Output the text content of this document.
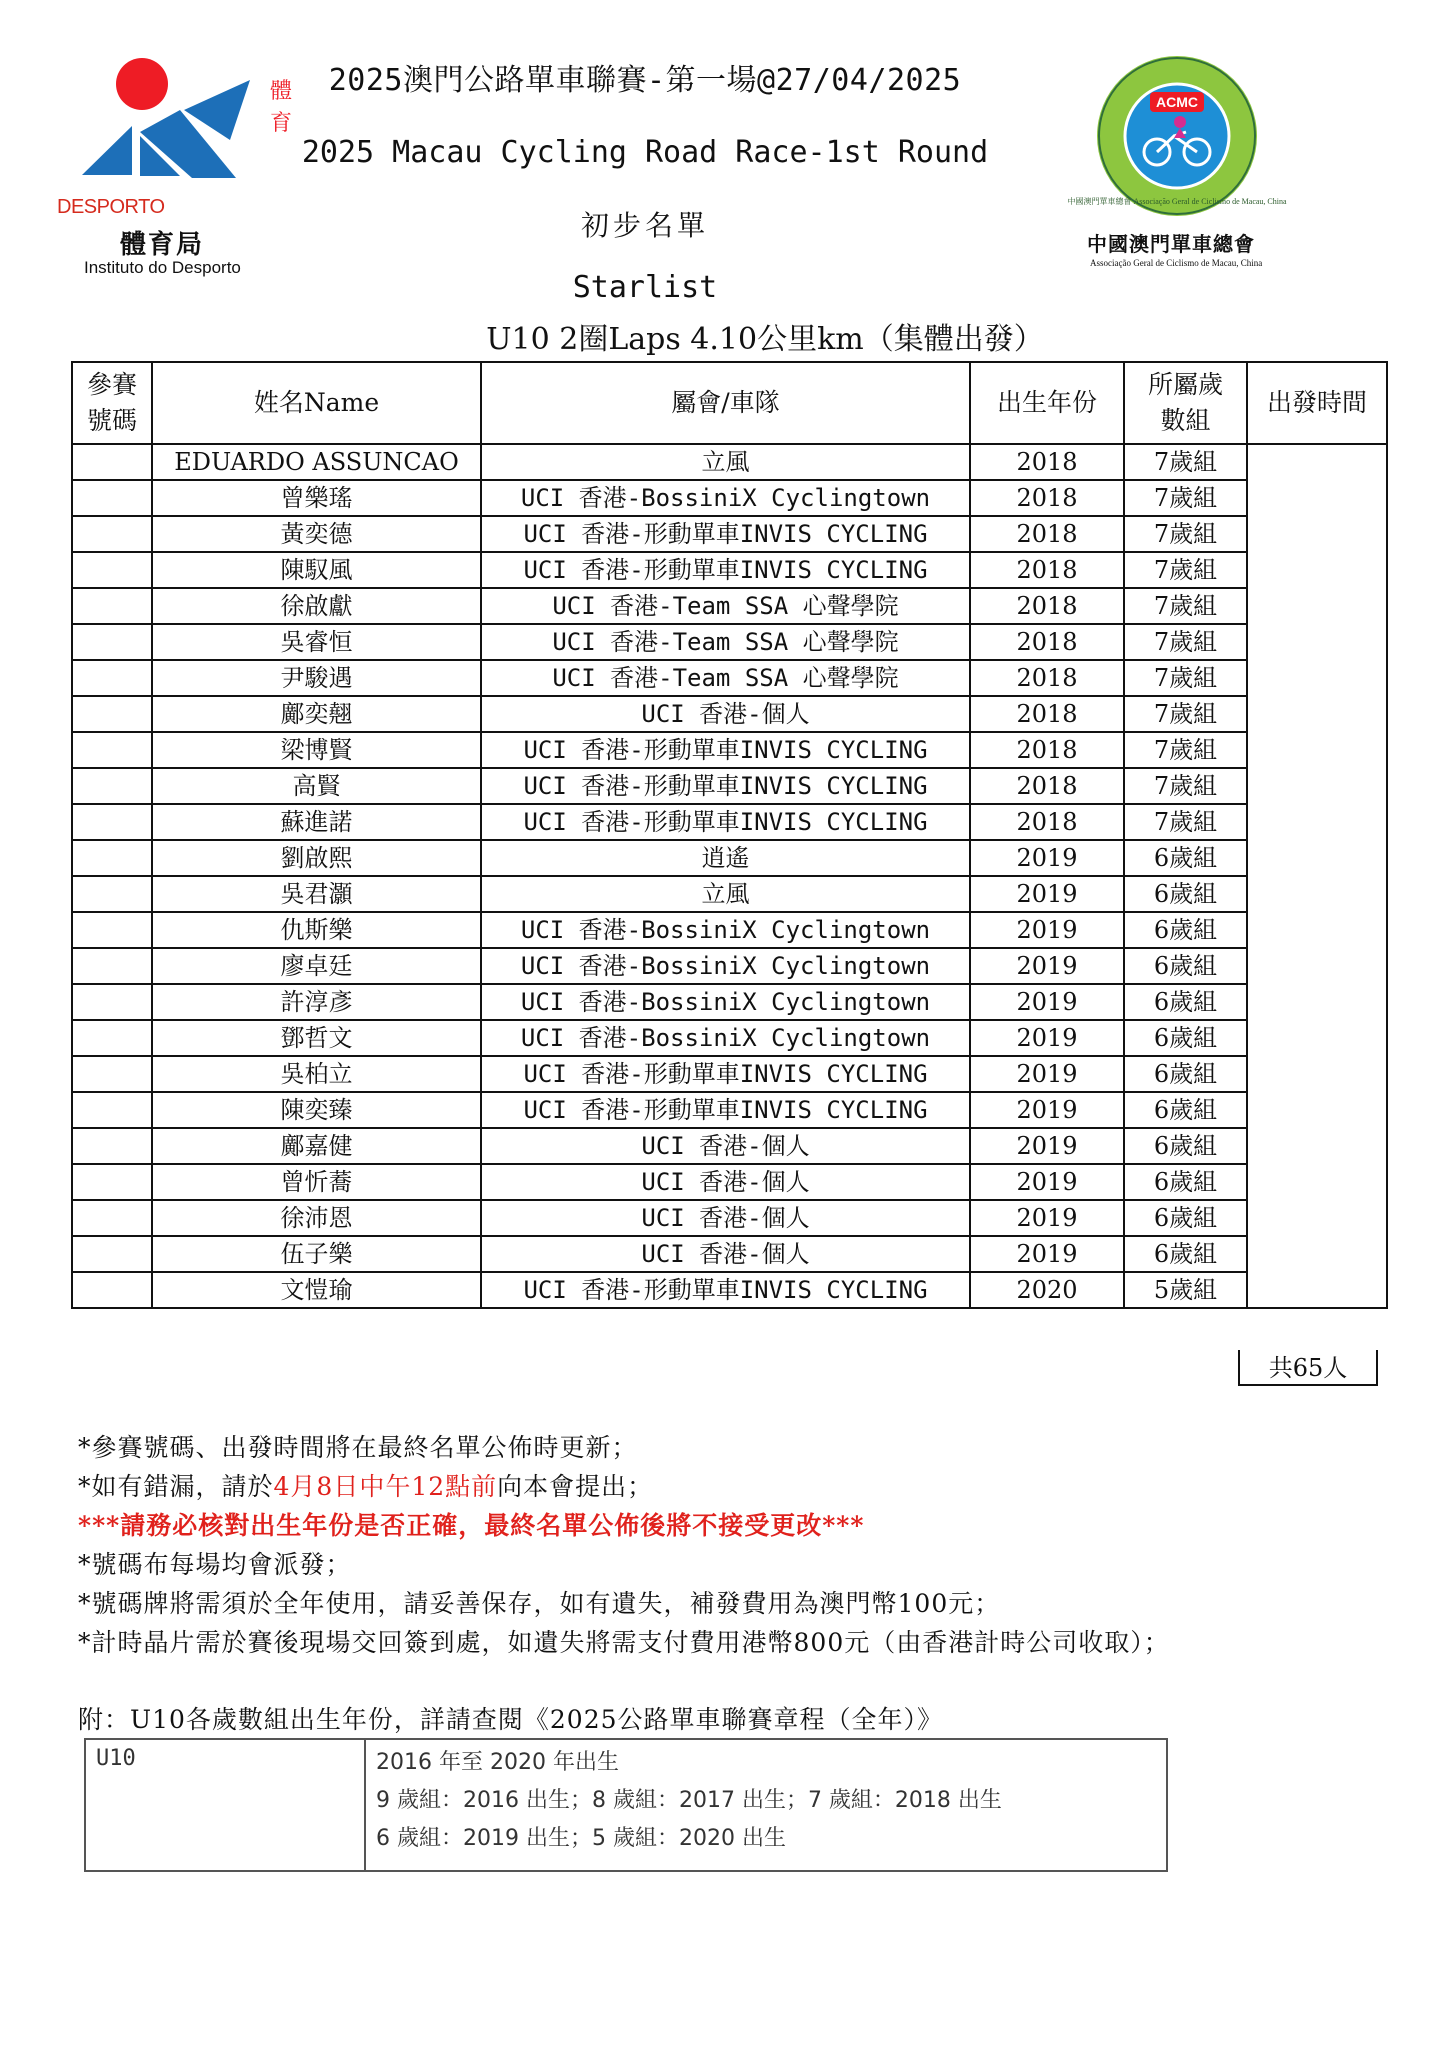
體
育
DESPORTO
體育局
Instituto do Desporto
2025澳門公路單車聯賽-第一場@27/04/2025
2025 Macau Cycling Road Race-1st Round
初步名單
Starlist
U10 2圈Laps 4.10公里km（集體出發）
ACMC
中國澳門單車總會 Associação Geral de Ciclismo de Macau, China
中國澳門單車總會
Associação Geral de Ciclismo de Macau, China
參賽號碼	姓名Name	屬會/車隊	出生年份	所屬歲數組	出發時間
	EDUARDO ASSUNCAO	立風	2018	7歲組	
	曾樂瑤	UCI 香港-BossiniX Cyclingtown	2018	7歲組	
	黃奕德	UCI 香港-形動單車INVIS CYCLING	2018	7歲組	
	陳馭風	UCI 香港-形動單車INVIS CYCLING	2018	7歲組	
	徐啟獻	UCI 香港-Team SSA 心聲學院	2018	7歲組	
	吳睿恒	UCI 香港-Team SSA 心聲學院	2018	7歲組	
	尹駿遇	UCI 香港-Team SSA 心聲學院	2018	7歲組	
	鄺奕翹	UCI 香港-個人	2018	7歲組	
	梁博賢	UCI 香港-形動單車INVIS CYCLING	2018	7歲組	
	高賢	UCI 香港-形動單車INVIS CYCLING	2018	7歲組	
	蘇進諾	UCI 香港-形動單車INVIS CYCLING	2018	7歲組	
	劉啟熙	逍遙	2019	6歲組	
	吳君灝	立風	2019	6歲組	
	仇斯樂	UCI 香港-BossiniX Cyclingtown	2019	6歲組	
	廖卓廷	UCI 香港-BossiniX Cyclingtown	2019	6歲組	
	許淳彥	UCI 香港-BossiniX Cyclingtown	2019	6歲組	
	鄧哲文	UCI 香港-BossiniX Cyclingtown	2019	6歲組	
	吳柏立	UCI 香港-形動單車INVIS CYCLING	2019	6歲組	
	陳奕臻	UCI 香港-形動單車INVIS CYCLING	2019	6歲組	
	鄺嘉健	UCI 香港-個人	2019	6歲組	
	曾忻蕎	UCI 香港-個人	2019	6歲組	
	徐沛恩	UCI 香港-個人	2019	6歲組	
	伍子樂	UCI 香港-個人	2019	6歲組	
	文愷瑜	UCI 香港-形動單車INVIS CYCLING	2020	5歲組	
共65人
*參賽號碼、出發時間將在最終名單公佈時更新；
*如有錯漏，請於4月8日中午12點前向本會提出；
***請務必核對出生年份是否正確，最終名單公佈後將不接受更改***
*號碼布每場均會派發；
*號碼牌將需須於全年使用，請妥善保存，如有遺失，補發費用為澳門幣100元；
*計時晶片需於賽後現場交回簽到處，如遺失將需支付費用港幣800元（由香港計時公司收取）；
附：U10各歲數組出生年份，詳請查閱《2025公路單車聯賽章程（全年）》
U10	2016 年至 2020 年出生
9 歲組：2016 出生；8 歲組：2017 出生；7 歲組：2018 出生
6 歲組：2019 出生；5 歲組：2020 出生
